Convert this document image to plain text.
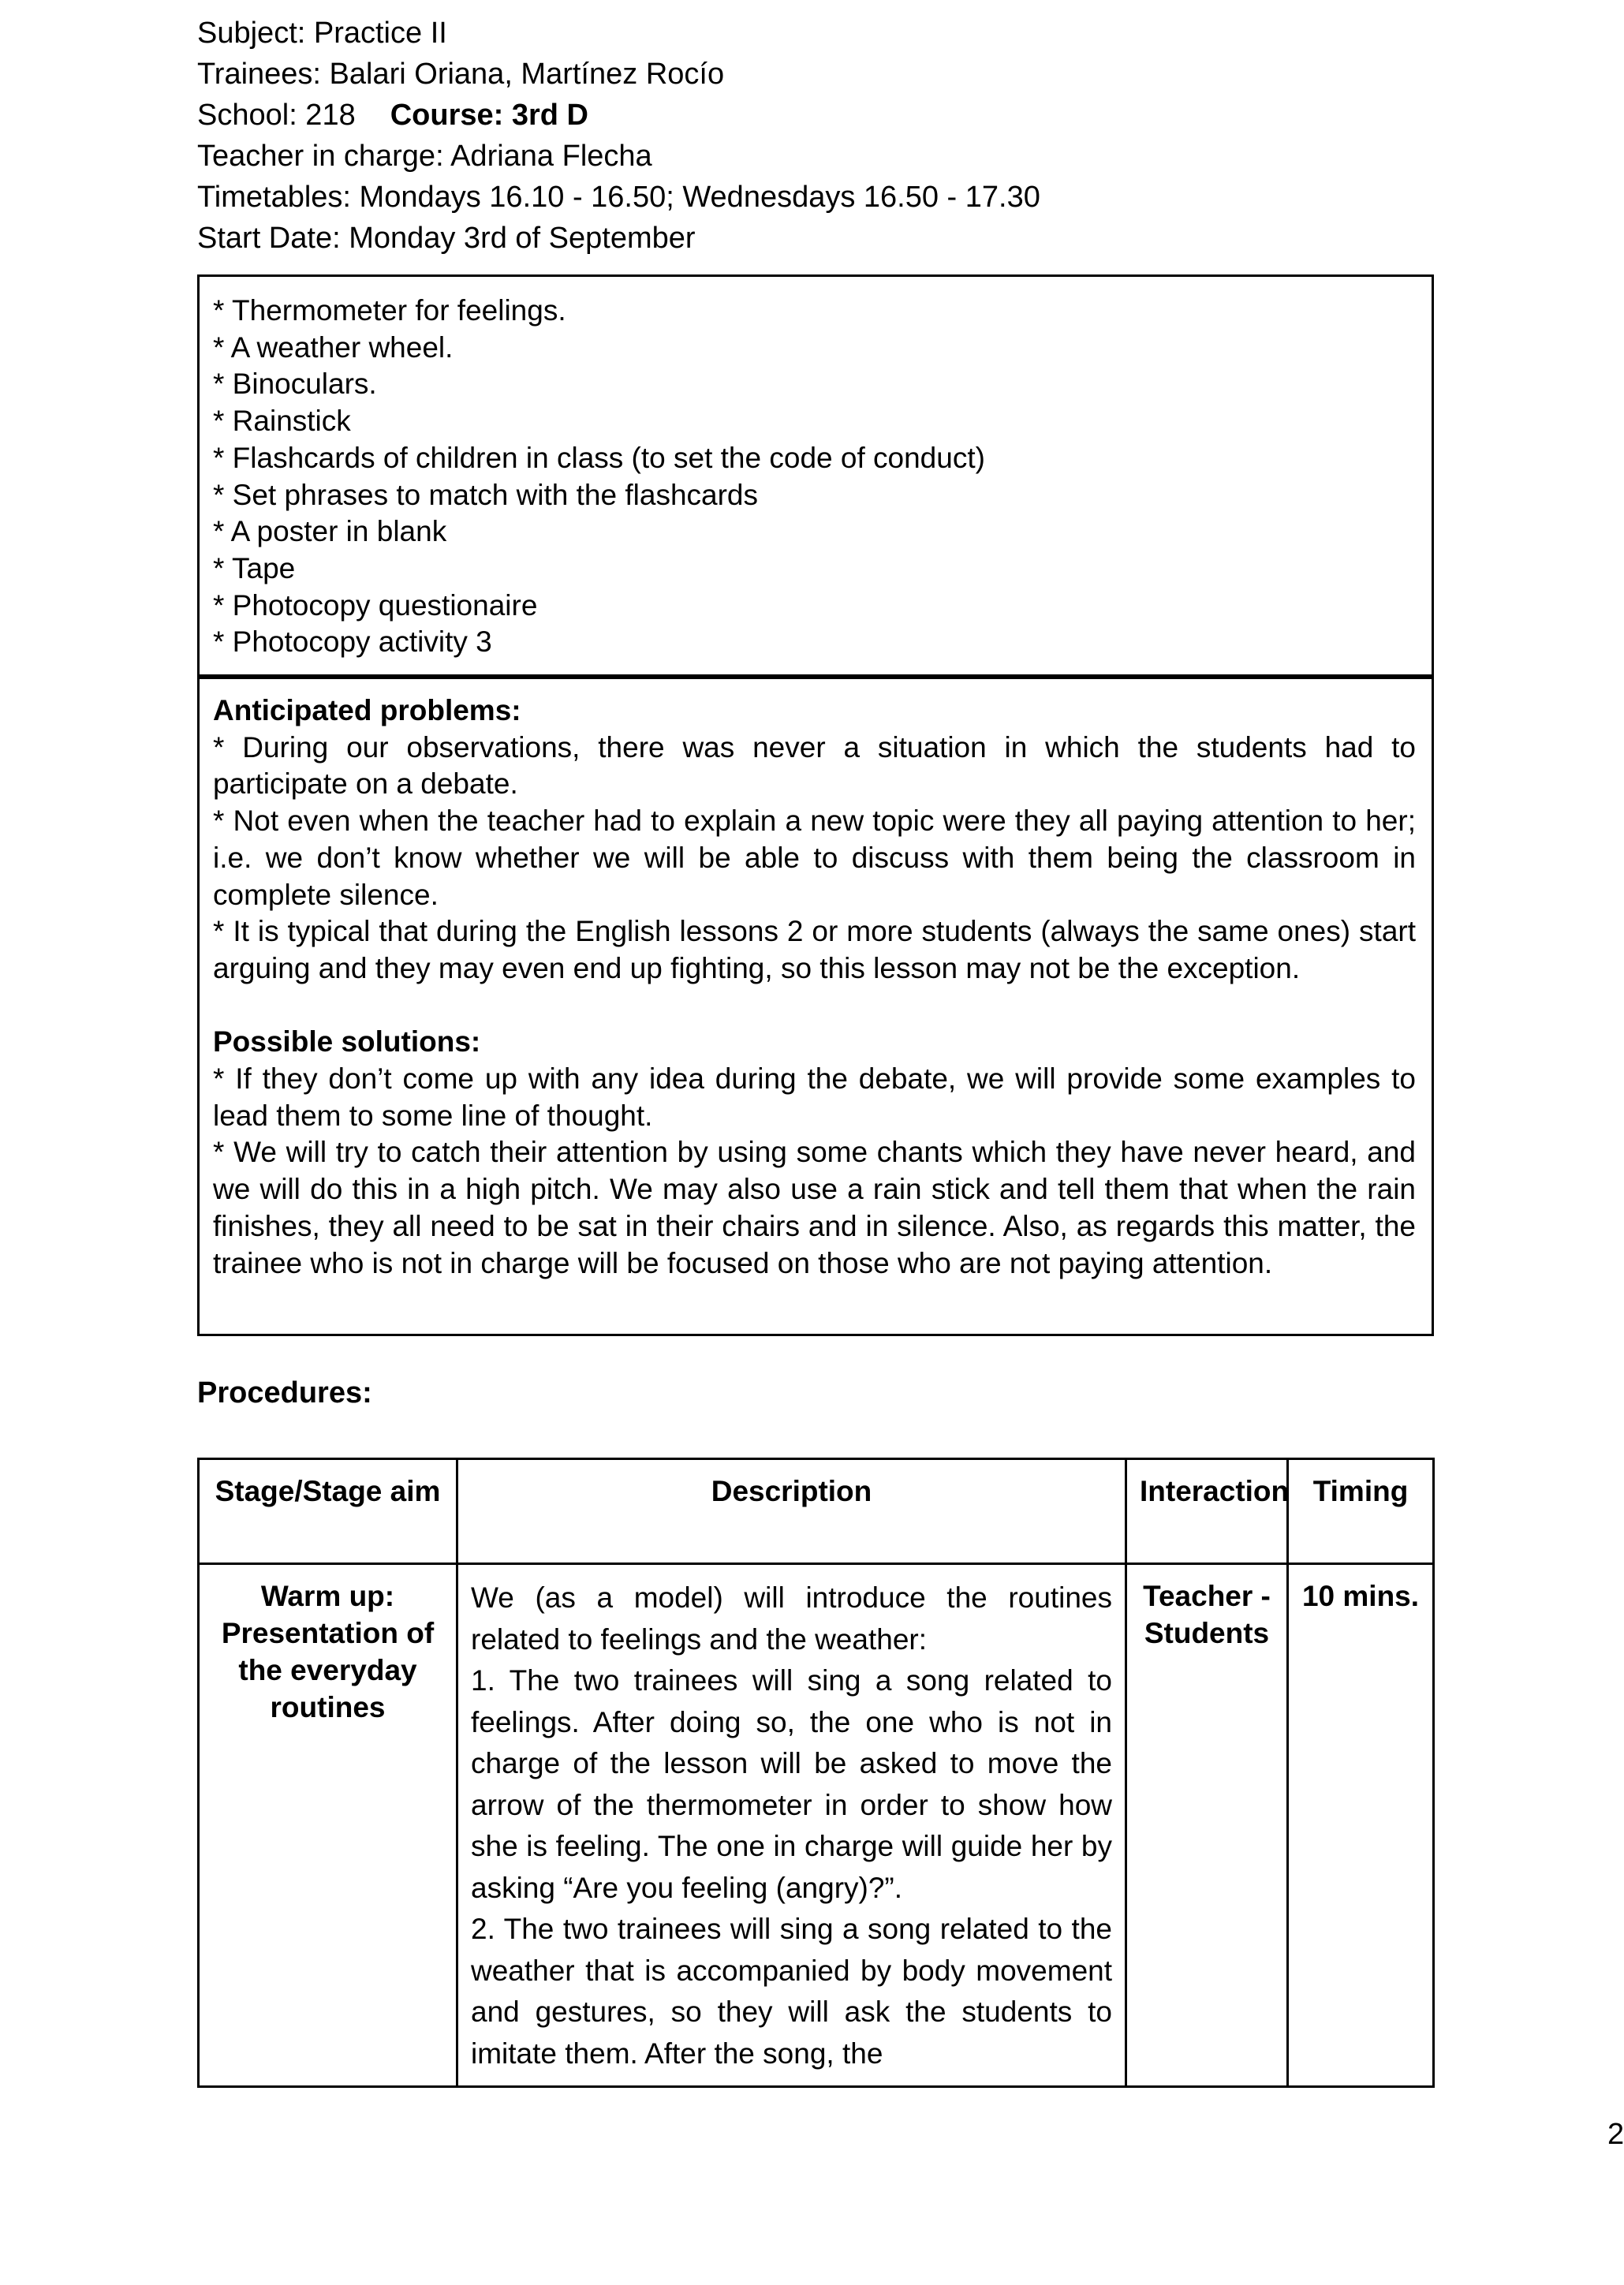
Subject: Practice II
Trainees: Balari Oriana, Martínez Rocío
School: 218 Course: 3rd D
Teacher in charge: Adriana Flecha
Timetables: Mondays 16.10 - 16.50; Wednesdays 16.50 - 17.30
Start Date: Monday 3rd of September
* Thermometer for feelings.
* A weather wheel.
* Binoculars.
* Rainstick
* Flashcards of children in class (to set the code of conduct)
* Set phrases to match with the flashcards
* A poster in blank
* Tape
* Photocopy questionaire
* Photocopy activity 3
Anticipated problems:
* During our observations, there was never a situation in which the students had to participate on a debate.
* Not even when the teacher had to explain a new topic were they all paying attention to her; i.e. we don’t know whether we will be able to discuss with them being the classroom in complete silence.
* It is typical that during the English lessons 2 or more students (always the same ones) start arguing and they may even end up fighting, so this lesson may not be the exception.
Possible solutions:
* If they don’t come up with any idea during the debate, we will provide some examples to lead them to some line of thought.
* We will try to catch their attention by using some chants which they have never heard, and we will do this in a high pitch. We may also use a rain stick and tell them that when the rain finishes, they all need to be sat in their chairs and in silence. Also, as regards this matter, the trainee who is not in charge will be focused on those who are not paying attention.
Procedures:
Stage/Stage aim	Description	Interaction	Timing
Warm up: Presentation of the everyday routines	We (as a model) will introduce the routines related to feelings and the weather:
1. The two trainees will sing a song related to feelings. After doing so, the one who is not in charge of the lesson will be asked to move the arrow of the thermometer in order to show how she is feeling. The one in charge will guide her by asking “Are you feeling (angry)?”.
2. The two trainees will sing a song related to the weather that is accompanied by body movement and gestures, so they will ask the students to imitate them. After the song, the	Teacher - Students	10 mins.
2
